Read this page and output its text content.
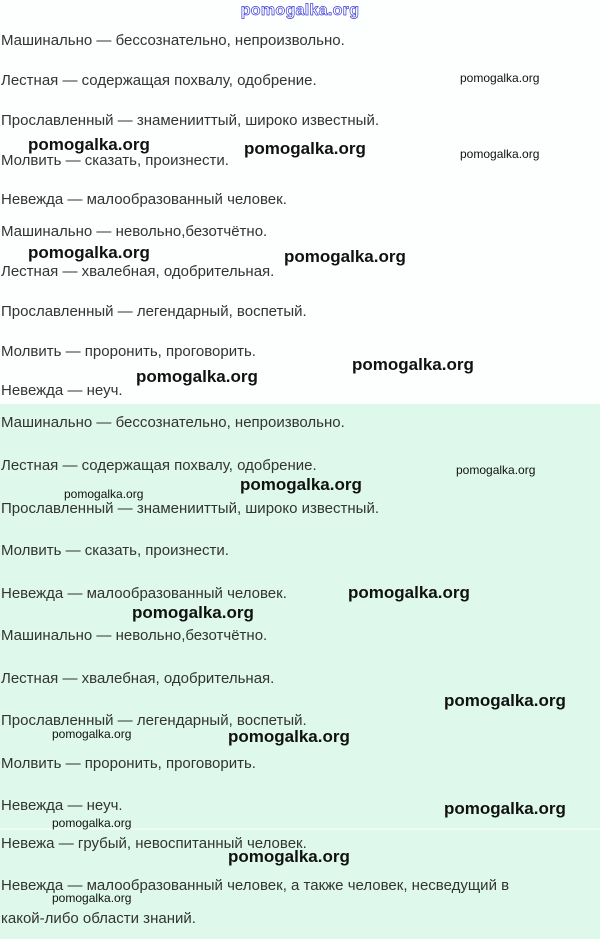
pomogalka.org
Машинально — бессознательно, непроизвольно.
Лестная — содержащая похвалу, одобрение.
Прославленный — знаменииттый, широко известный.
Молвить — сказать, произнести.
Невежда — малообразованный человек.
Машинально — невольно,безотчётно.
Лестная — хвалебная, одобрительная.
Прославленный — легендарный, воспетый.
Молвить — проронить, проговорить.
Невежда — неуч.
Машинально — бессознательно, непроизвольно.
Лестная — содержащая похвалу, одобрение.
Прославленный — знаменииттый, широко известный.
Молвить — сказать, произнести.
Невежда — малообразованный человек.
Машинально — невольно,безотчётно.
Лестная — хвалебная, одобрительная.
Прославленный — легендарный, воспетый.
Молвить — проронить, проговорить.
Невежда — неуч.
Невежа — грубый, невоспитанный человек.
Невежда — малообразованный человек, а также человек, несведущий в
какой-либо области знаний.
pomogalka.org
pomogalka.org	pomogalka.org	pomogalka.org
pomogalka.org	pomogalka.org
pomogalka.org
pomogalka.org
pomogalka.org
pomogalka.org
pomogalka.org
pomogalka.org
pomogalka.org
pomogalka.org
pomogalka.org	pomogalka.org
pomogalka.org
pomogalka.org
pomogalka.org
pomogalka.org
